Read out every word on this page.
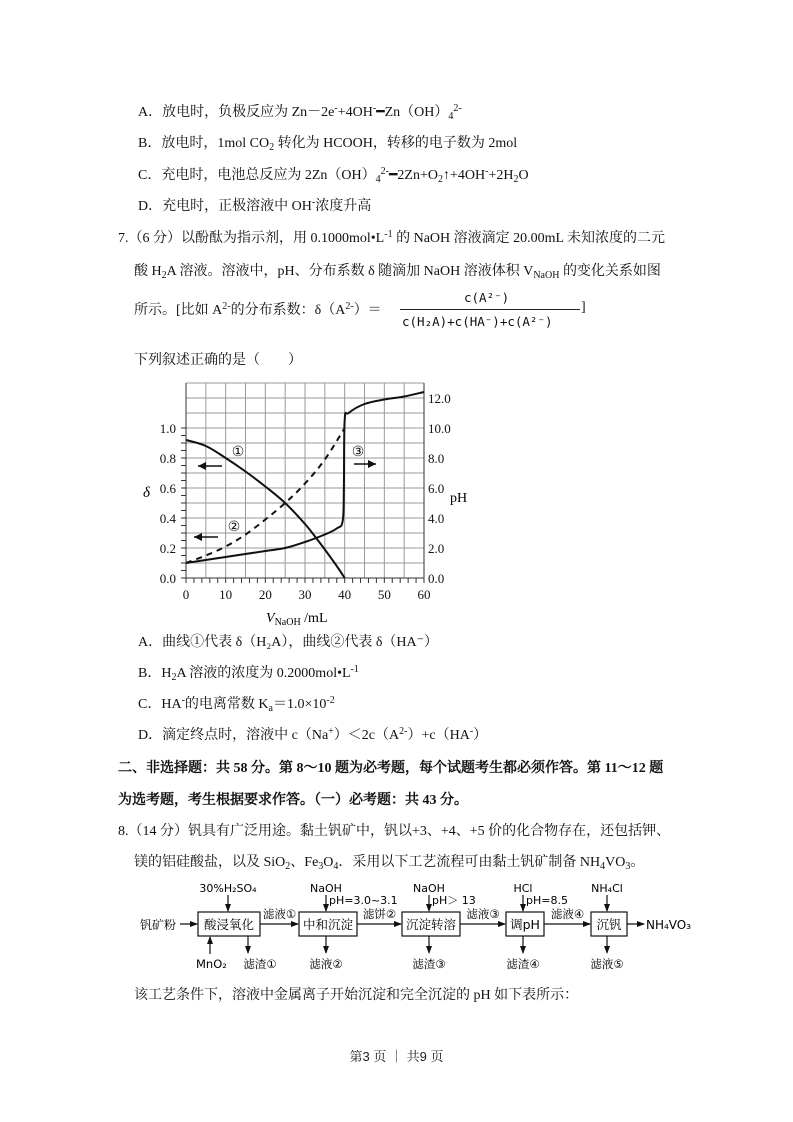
A．放电时，负极反应为 $Zn-2e^-+4OH^-━Zn(OH)_4^{2-}$
B．放电时，1mol $CO_2$ 转化为 HCOOH，转移的电子数为 2mol
C．充电时，电池总反应为 $2Zn(OH)_4^{2-}━2Zn+O_2↑+4OH^-+2H_2O$
D．充电时，正极溶液中 OH-浓度升高
7.（6 分）以酚酞为指示剂，用 $0.1000mol•L^{-1}$ 的 NaOH 溶液滴定 20.00mL 未知浓度的二元
酸 $H_2A$ 溶液。溶液中，pH、分布系数 δ 随滴加 NaOH 溶液体积 $V_{NaOH}$ 的变化关系如图
所示。[比如 $A^{2-}$的分布系数：$\delta(A^{2-})=$
c(A²⁻)
c(H₂A)+c(HA⁻)+c(A²⁻)
]
下列叙述正确的是（　　）
0 10 20 30 40 50 60
0.0
0.2
0.4
0.6
0.8
1.0
0.0
2.0
4.0
6.0
8.0
10.0
12.0
①
②
③
δ	pH
$V_{NaOH}$ /mL
A．曲线①代表 δ（H₂A），曲线②代表 δ（HA⁻）
B．$H_2A$ 溶液的浓度为 $0.2000mol•L^{-1}$
C．HA-的电离常数 $K_a=1.0\times 10^{-2}$
D．滴定终点时，溶液中 $c(Na^+)<2c(A^{2-})+c(HA^-)$
二、非选择题：共 58 分。第 8～10 题为必考题，每个试题考生都必须作答。第 11～12 题
为选考题，考生根据要求作答。（一）必考题：共 43 分。
8.（14 分）钒具有广泛用途。黏土钒矿中，钒以+3、+4、+5 价的化合物存在，还包括钾、
镁的铝硅酸盐，以及 SiO$_2$、$Fe_3O_4$．采用以下工艺流程可由黏土钒矿制备 $NH_4VO_3$。
钒矿粉 酸浸氧化
30%H₂SO₄
滤渣①
MnO₂
滤液①
中和沉淀
NaOH
pH=3.0~3.1
滤液②
滤饼②
沉淀转溶
NaOH
pH＞ 13
滤渣③
滤液③
调pH
HCl
pH=8.5
滤渣④
滤液④
沉钒
NH₄Cl
滤液⑤
NH₄VO₃
该工艺条件下，溶液中金属离子开始沉淀和完全沉淀的 pH 如下表所示：
第3 页 ｜ 共9 页
